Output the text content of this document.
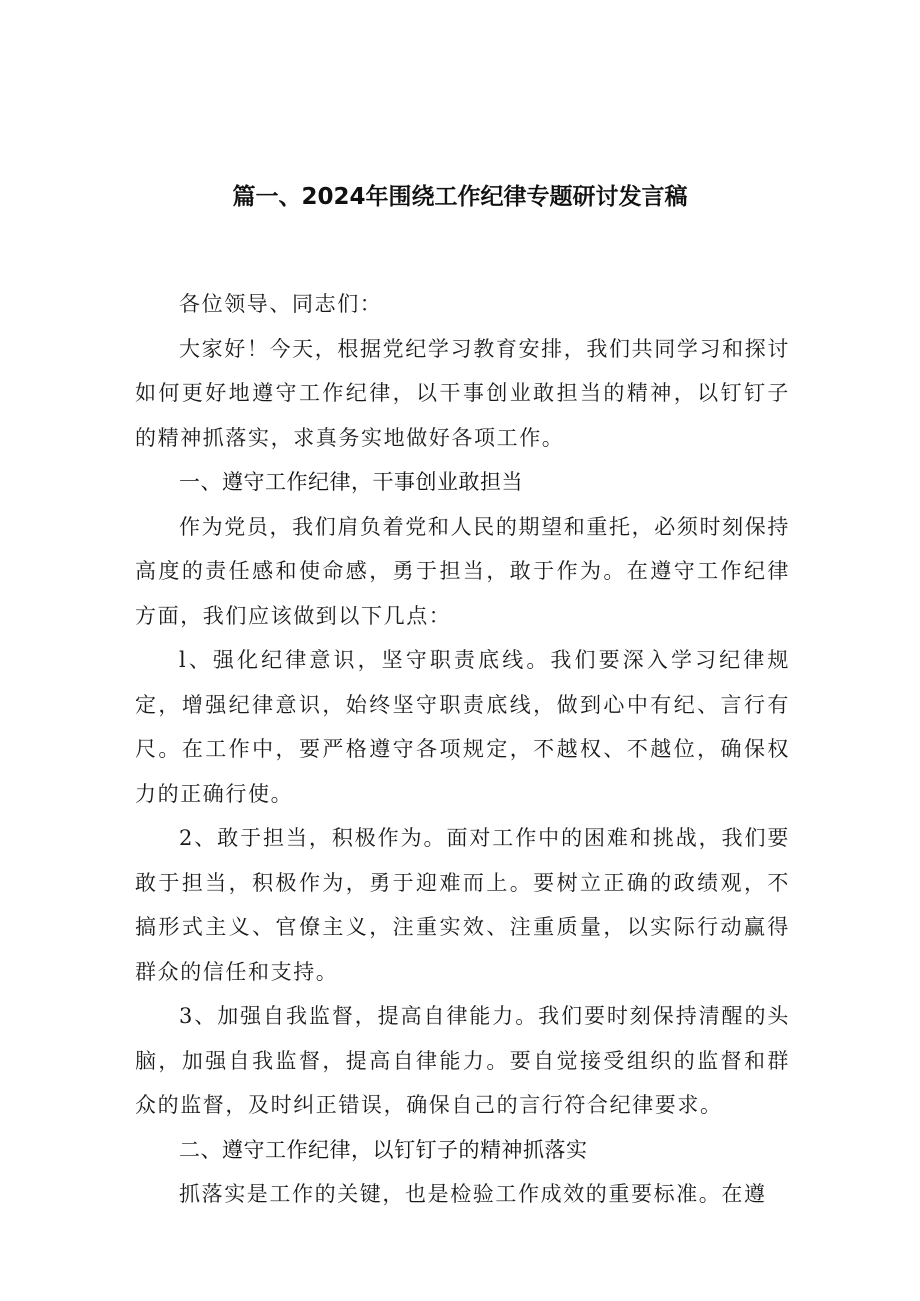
篇一、2024年围绕工作纪律专题研讨发言稿

各位领导、同志们：

大家好！今天，根据党纪学习教育安排，我们共同学习和探讨如何更好地遵守工作纪律，以干事创业敢担当的精神，以钉钉子的精神抓落实，求真务实地做好各项工作。

一、遵守工作纪律，干事创业敢担当

作为党员，我们肩负着党和人民的期望和重托，必须时刻保持高度的责任感和使命感，勇于担当，敢于作为。在遵守工作纪律方面，我们应该做到以下几点：

l、强化纪律意识，坚守职责底线。我们要深入学习纪律规定，增强纪律意识，始终坚守职责底线，做到心中有纪、言行有尺。在工作中，要严格遵守各项规定，不越权、不越位，确保权力的正确行使。

2、敢于担当，积极作为。面对工作中的困难和挑战，我们要敢于担当，积极作为，勇于迎难而上。要树立正确的政绩观，不搞形式主义、官僚主义，注重实效、注重质量，以实际行动赢得群众的信任和支持。

3、加强自我监督，提高自律能力。我们要时刻保持清醒的头脑，加强自我监督，提高自律能力。要自觉接受组织的监督和群众的监督，及时纠正错误，确保自己的言行符合纪律要求。

二、遵守工作纪律，以钉钉子的精神抓落实

抓落实是工作的关键，也是检验工作成效的重要标准。在遵
